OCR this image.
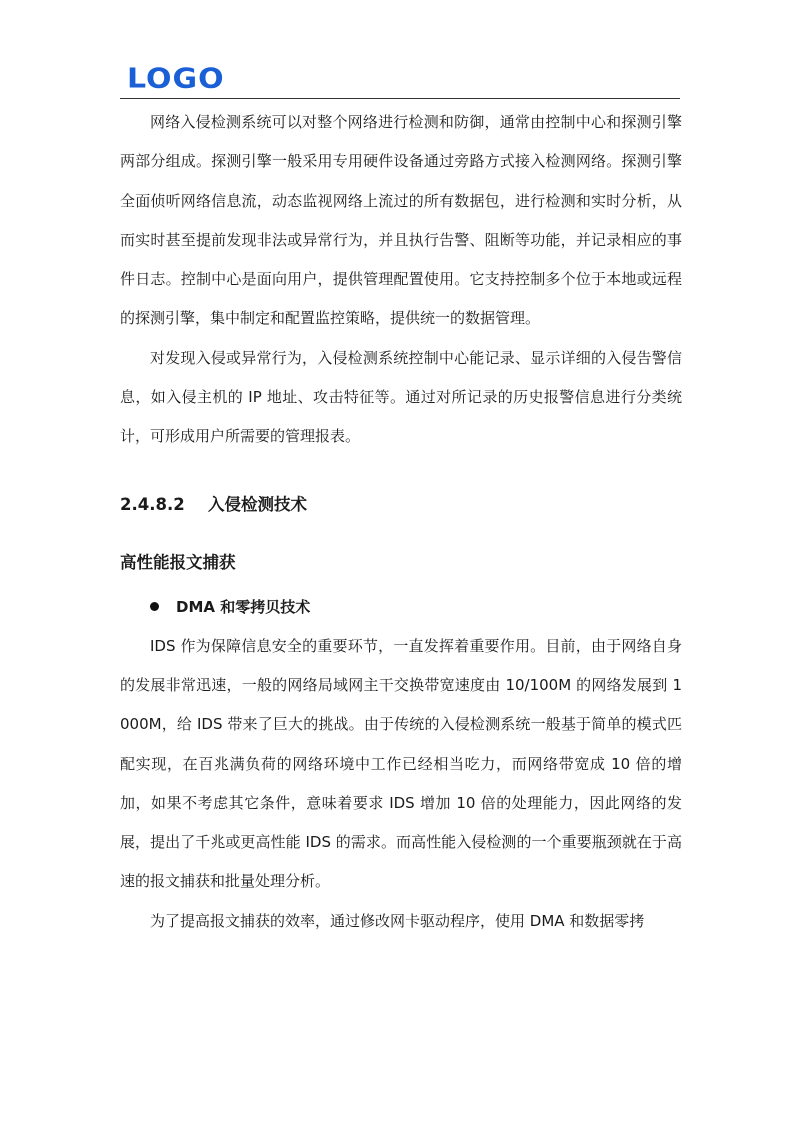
LOGO

网络入侵检测系统可以对整个网络进行检测和防御，通常由控制中心和探测引擎两部分组成。探测引擎一般采用专用硬件设备通过旁路方式接入检测网络。探测引擎全面侦听网络信息流，动态监视网络上流过的所有数据包，进行检测和实时分析，从而实时甚至提前发现非法或异常行为，并且执行告警、阻断等功能，并记录相应的事件日志。控制中心是面向用户，提供管理配置使用。它支持控制多个位于本地或远程的探测引擎，集中制定和配置监控策略，提供统一的数据管理。

对发现入侵或异常行为，入侵检测系统控制中心能记录、显示详细的入侵告警信息，如入侵主机的 IP 地址、攻击特征等。通过对所记录的历史报警信息进行分类统计，可形成用户所需要的管理报表。

2.4.8.2 入侵检测技术
高性能报文捕获
DMA 和零拷贝技术

IDS 作为保障信息安全的重要环节，一直发挥着重要作用。目前，由于网络自身的发展非常迅速，一般的网络局域网主干交换带宽速度由 10/100M 的网络发展到 1000M，给 IDS 带来了巨大的挑战。由于传统的入侵检测系统一般基于简单的模式匹配实现，在百兆满负荷的网络环境中工作已经相当吃力，而网络带宽成 10 倍的增加，如果不考虑其它条件，意味着要求 IDS 增加 10 倍的处理能力，因此网络的发展，提出了千兆或更高性能 IDS 的需求。而高性能入侵检测的一个重要瓶颈就在于高速的报文捕获和批量处理分析。

为了提高报文捕获的效率，通过修改网卡驱动程序，使用 DMA 和数据零拷
